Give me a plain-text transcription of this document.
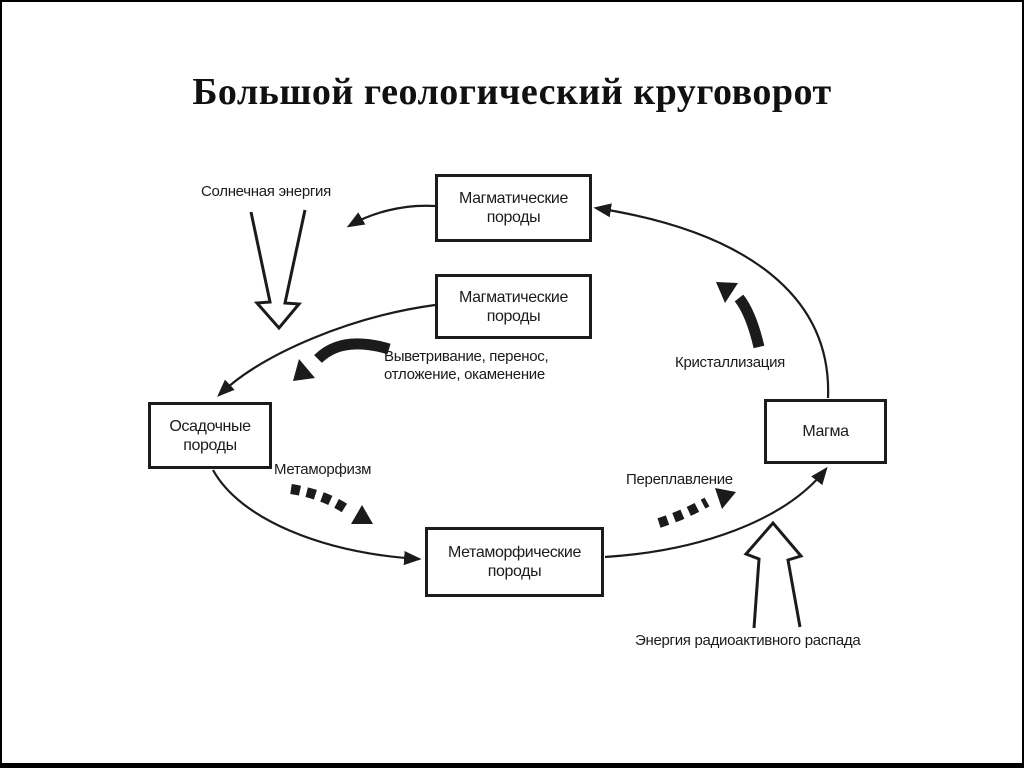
Большой геологический круговорот
Магматические
породы
Магматические
породы
Осадочные
породы
Магма
Метаморфические
породы
Солнечная энергия
Выветривание, перенос,
отложение, окаменение
Метаморфизм
Переплавление
Кристаллизация
Энергия радиоактивного распада
